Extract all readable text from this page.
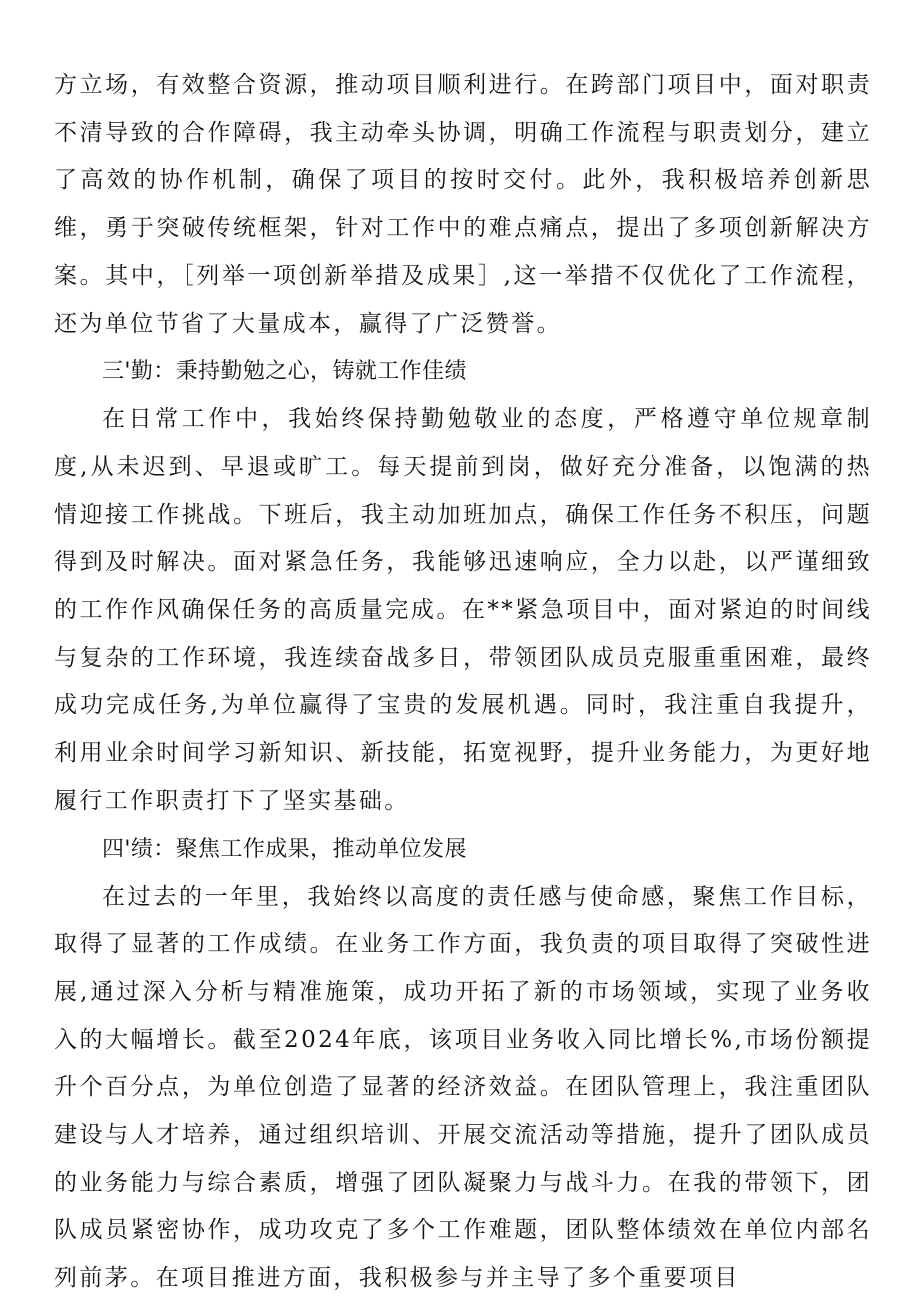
方立场，有效整合资源，推动项目顺利进行。在跨部门项目中，面对职责不清导致的合作障碍，我主动牵头协调，明确工作流程与职责划分，建立了高效的协作机制，确保了项目的按时交付。此外，我积极培养创新思维，勇于突破传统框架，针对工作中的难点痛点，提出了多项创新解决方案。其中，［列举一项创新举措及成果］,这一举措不仅优化了工作流程，还为单位节省了大量成本，赢得了广泛赞誉。

三'勤：秉持勤勉之心，铸就工作佳绩

在日常工作中，我始终保持勤勉敬业的态度，严格遵守单位规章制度,从未迟到、早退或旷工。每天提前到岗，做好充分准备，以饱满的热情迎接工作挑战。下班后，我主动加班加点，确保工作任务不积压，问题得到及时解决。面对紧急任务，我能够迅速响应，全力以赴，以严谨细致的工作作风确保任务的高质量完成。在**紧急项目中，面对紧迫的时间线与复杂的工作环境，我连续奋战多日，带领团队成员克服重重困难，最终成功完成任务,为单位赢得了宝贵的发展机遇。同时，我注重自我提升，利用业余时间学习新知识、新技能，拓宽视野，提升业务能力，为更好地履行工作职责打下了坚实基础。

四'绩：聚焦工作成果，推动单位发展

在过去的一年里，我始终以高度的责任感与使命感，聚焦工作目标，取得了显著的工作成绩。在业务工作方面，我负责的项目取得了突破性进展,通过深入分析与精准施策，成功开拓了新的市场领域，实现了业务收入的大幅增长。截至2024年底，该项目业务收入同比增长%,市场份额提升个百分点，为单位创造了显著的经济效益。在团队管理上，我注重团队建设与人才培养，通过组织培训、开展交流活动等措施，提升了团队成员的业务能力与综合素质，增强了团队凝聚力与战斗力。在我的带领下，团队成员紧密协作，成功攻克了多个工作难题，团队整体绩效在单位内部名列前茅。在项目推进方面，我积极参与并主导了多个重要项目
